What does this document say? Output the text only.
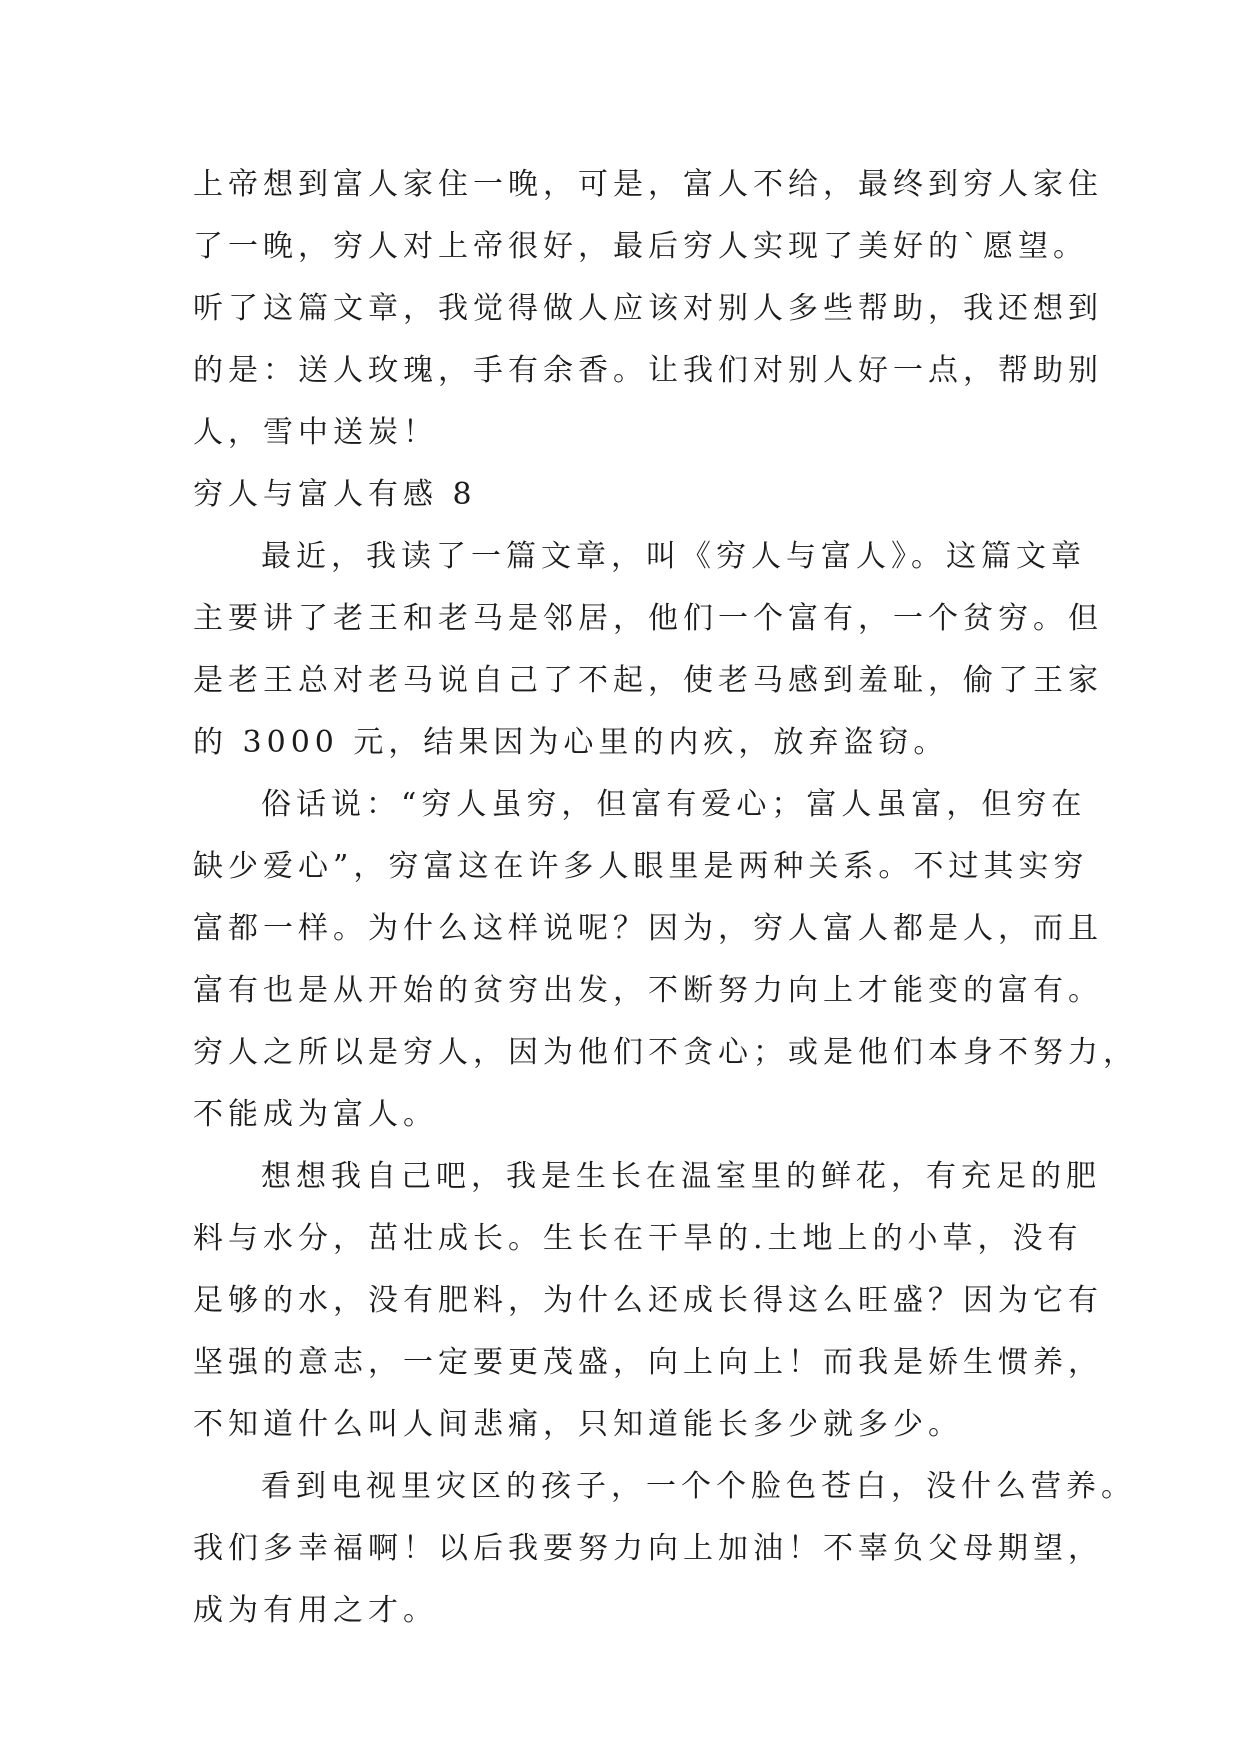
上帝想到富人家住一晚，可是，富人不给，最终到穷人家住
了一晚，穷人对上帝很好，最后穷人实现了美好的`愿望。
听了这篇文章，我觉得做人应该对别人多些帮助，我还想到
的是：送人玫瑰，手有余香。让我们对别人好一点，帮助别
人，雪中送炭！
穷人与富人有感 8
最近，我读了一篇文章，叫《穷人与富人》。这篇文章
主要讲了老王和老马是邻居，他们一个富有，一个贫穷。但
是老王总对老马说自己了不起，使老马感到羞耻，偷了王家
的 3000 元，结果因为心里的内疚，放弃盗窃。
俗话说：“穷人虽穷，但富有爱心；富人虽富，但穷在
缺少爱心”，穷富这在许多人眼里是两种关系。不过其实穷
富都一样。为什么这样说呢？因为，穷人富人都是人，而且
富有也是从开始的贫穷出发，不断努力向上才能变的富有。
穷人之所以是穷人，因为他们不贪心；或是他们本身不努力，
不能成为富人。
想想我自己吧，我是生长在温室里的鲜花，有充足的肥
料与水分，茁壮成长。生长在干旱的.土地上的小草，没有
足够的水，没有肥料，为什么还成长得这么旺盛？因为它有
坚强的意志，一定要更茂盛，向上向上！而我是娇生惯养，
不知道什么叫人间悲痛，只知道能长多少就多少。
看到电视里灾区的孩子，一个个脸色苍白，没什么营养。
我们多幸福啊！以后我要努力向上加油！不辜负父母期望，
成为有用之才。
